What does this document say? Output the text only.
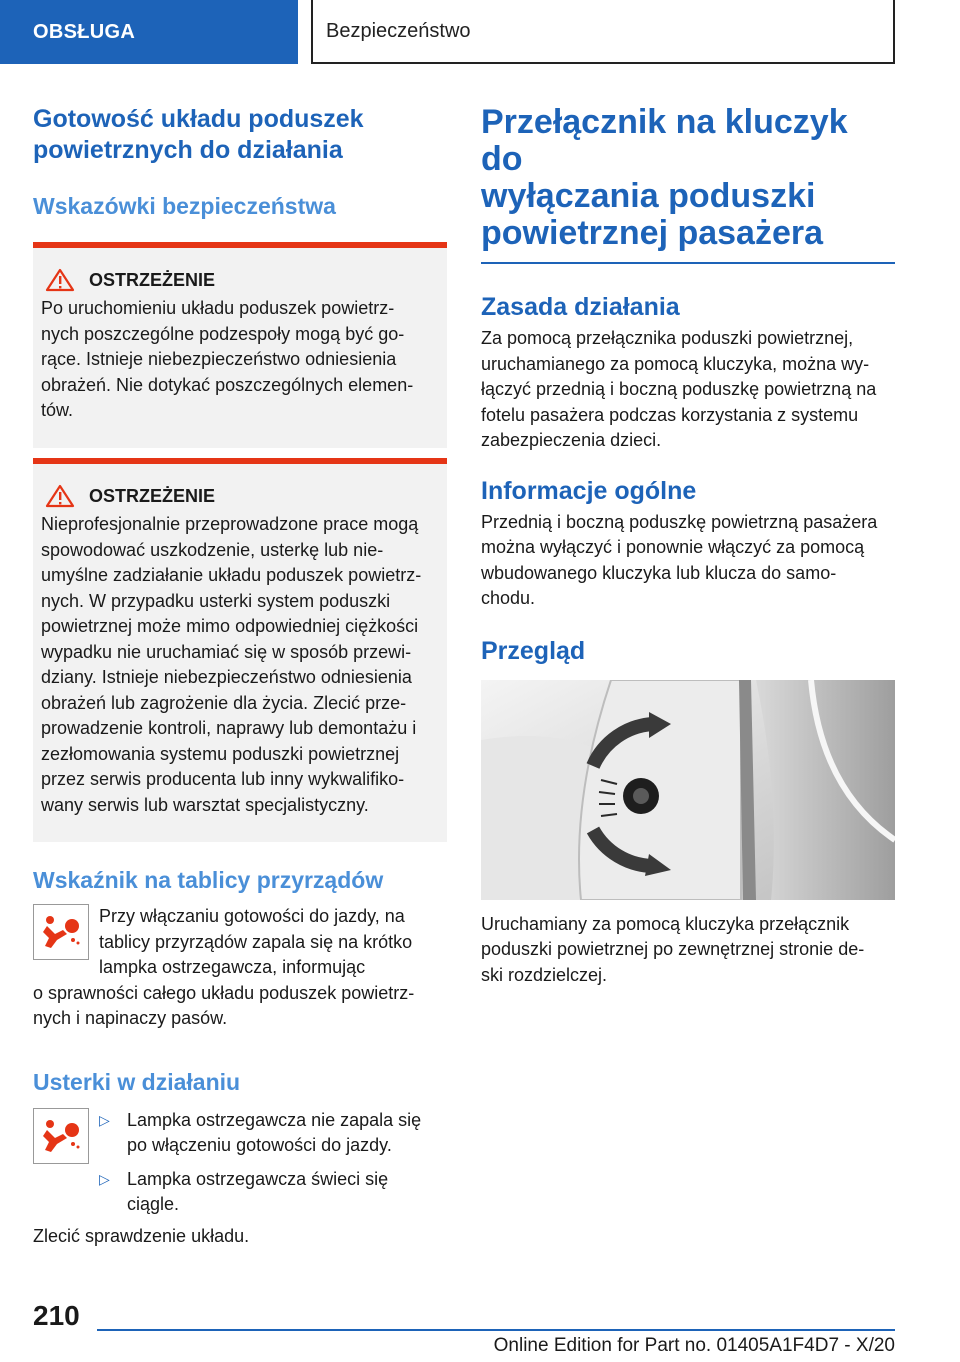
OBSŁUGA	Bezpieczeństwo
Gotowość układu poduszek powietrznych do działania
Wskazówki bezpieczeństwa
OSTRZEŻENIE

Po uruchomieniu układu poduszek powietrz-

nych poszczególne podzespoły mogą być go-

rące. Istnieje niebezpieczeństwo odniesienia

obrażeń. Nie dotykać poszczególnych elemen-

tów.

OSTRZEŻENIE

Nieprofesjonalnie przeprowadzone prace mogą

spowodować uszkodzenie, usterkę lub nie-

umyślne zadziałanie układu poduszek powietrz-

nych. W przypadku usterki system poduszki

powietrznej może mimo odpowiedniej ciężkości

wypadku nie uruchamiać się w sposób przewi-

dziany. Istnieje niebezpieczeństwo odniesienia

obrażeń lub zagrożenie dla życia. Zlecić prze-

prowadzenie kontroli, naprawy lub demontażu i

zezłomowania systemu poduszki powietrznej

przez serwis producenta lub inny wykwalifiko-

wany serwis lub warsztat specjalistyczny.

Wskaźnik na tablicy przyrządów

Przy włączaniu gotowości do jazdy, na

tablicy przyrządów zapala się na krótko

lampka ostrzegawcza, informując

o sprawności całego układu poduszek powietrz-

nych i napinaczy pasów.

Usterki w działaniu
▷ Lampka ostrzegawcza nie zapala się

po włączeniu gotowości do jazdy.

▷ Lampka ostrzegawcza świeci się

ciągle.

Zlecić sprawdzenie układu.

Przełącznik na kluczyk do
wyłączania poduszki
powietrznej pasażera
Zasada działania

Za pomocą przełącznika poduszki powietrznej,

uruchamianego za pomocą kluczyka, można wy-

łączyć przednią i boczną poduszkę powietrzną na

fotelu pasażera podczas korzystania z systemu

zabezpieczenia dzieci.

Informacje ogólne

Przednią i boczną poduszkę powietrzną pasażera

można wyłączyć i ponownie włączyć za pomocą

wbudowanego kluczyka lub klucza do samo-

chodu.

Przegląd

Uruchamiany za pomocą kluczyka przełącznik

poduszki powietrznej po zewnętrznej stronie de-

ski rozdzielczej.

210
Online Edition for Part no. 01405A1F4D7 - X/20
